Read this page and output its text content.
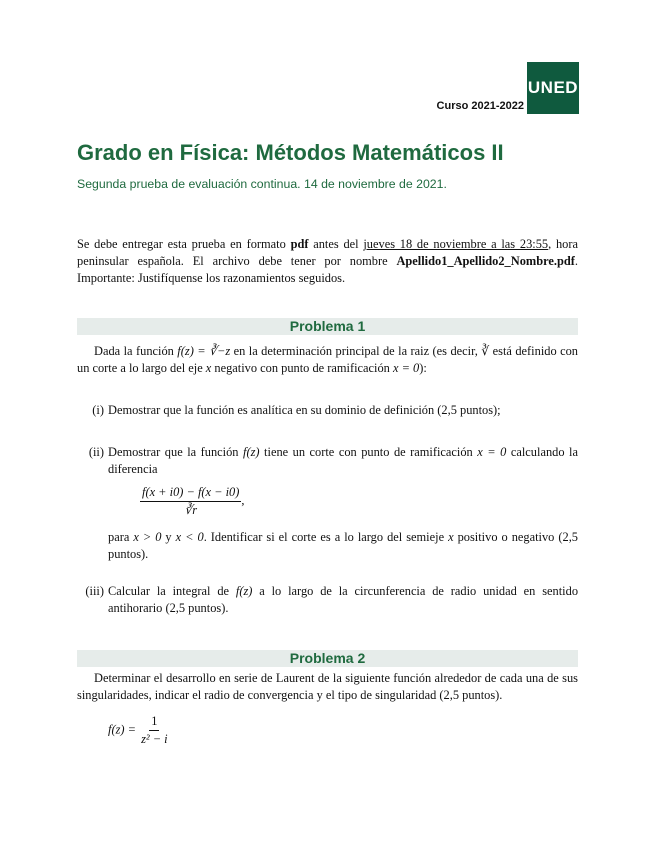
UNED
Curso 2021-2022
Grado en Física: Métodos Matemáticos II
Segunda prueba de evaluación continua. 14 de noviembre de 2021.
Se debe entregar esta prueba en formato pdf antes del jueves 18 de noviembre a las 23:55, hora peninsular española. El archivo debe tener por nombre Apellido1_Apellido2_Nombre.pdf. Importante: Justifíquense los razonamientos seguidos.
Problema 1
Dada la función f(z) = ∛−z en la determinación principal de la raiz (es decir, ∛ está definido con un corte a lo largo del eje x negativo con punto de ramificación x = 0):
(i) Demostrar que la función es analítica en su dominio de definición (2,5 puntos);
(ii) Demostrar que la función f(z) tiene un corte con punto de ramificación x = 0 calculando la diferencia
$\frac{f(x + i0) - f(x - i0)}{∛r}$ ,
para x > 0 y x < 0. Identificar si el corte es a lo largo del semieje x positivo o negativo (2,5 puntos).
(iii) Calcular la integral de f(z) a lo largo de la circunferencia de radio unidad en sentido antihorario (2,5 puntos).
Problema 2
Determinar el desarrollo en serie de Laurent de la siguiente función alrededor de cada una de sus singularidades, indicar el radio de convergencia y el tipo de singularidad (2,5 puntos).
$f(z) = \frac{1}{\text{z² − i}}$
